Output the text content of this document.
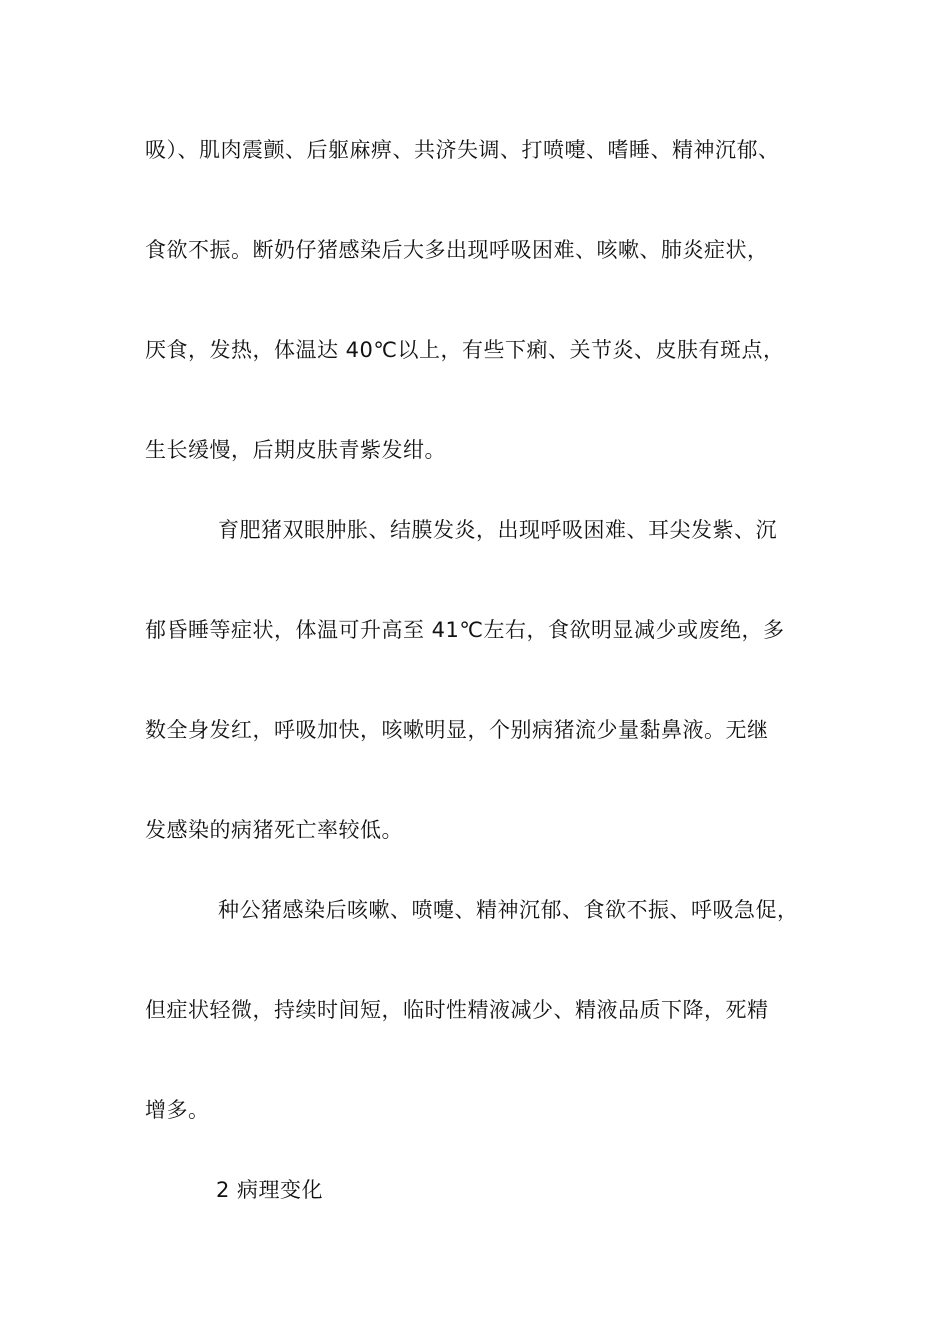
吸）、肌肉震颤、后躯麻痹、共济失调、打喷嚏、嗜睡、精神沉郁、
食欲不振。断奶仔猪感染后大多出现呼吸困难、咳嗽、肺炎症状，
厌食，发热，体温达 40℃以上，有些下痢、关节炎、皮肤有斑点，
生长缓慢，后期皮肤青紫发绀。
育肥猪双眼肿胀、结膜发炎，出现呼吸困难、耳尖发紫、沉
郁昏睡等症状，体温可升高至 41℃左右，食欲明显减少或废绝，多
数全身发红，呼吸加快，咳嗽明显，个别病猪流少量黏鼻液。无继
发感染的病猪死亡率较低。
种公猪感染后咳嗽、喷嚏、精神沉郁、食欲不振、呼吸急促，
但症状轻微，持续时间短，临时性精液减少、精液品质下降，死精
增多。
2 病理变化
